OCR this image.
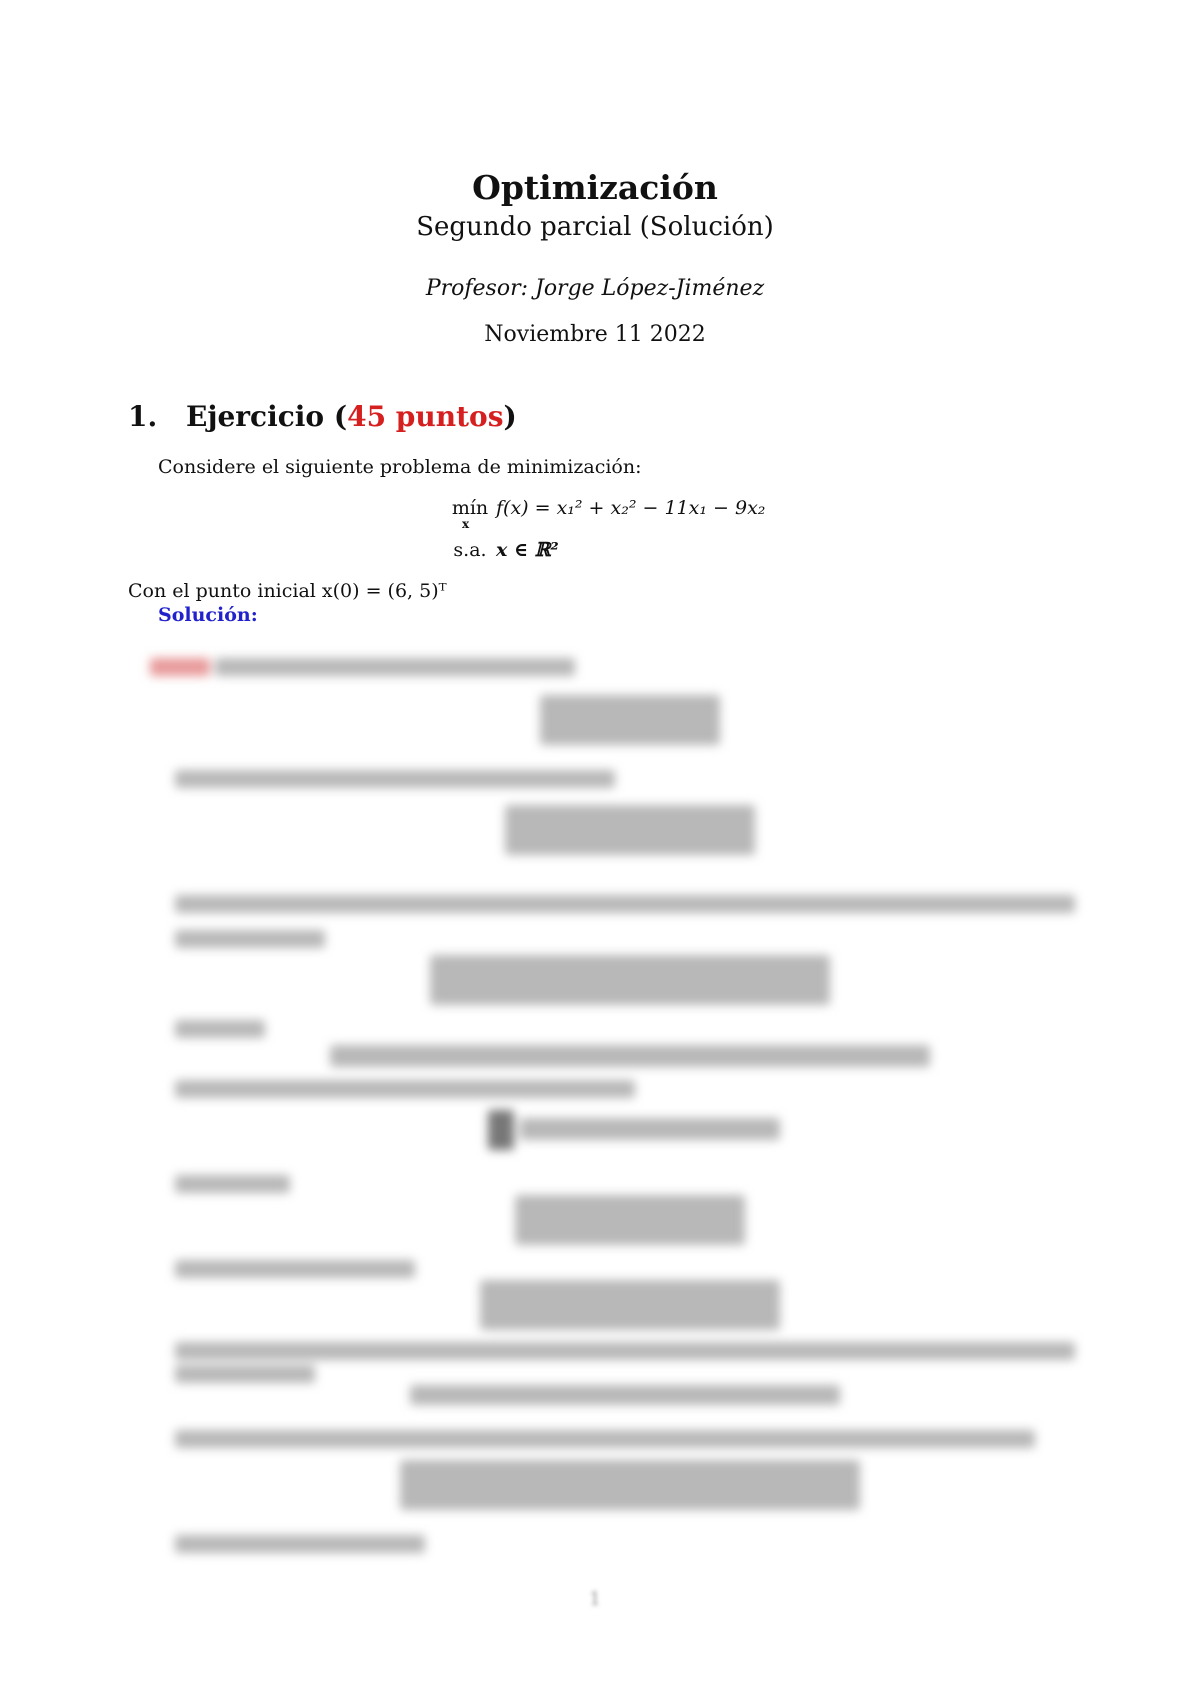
Optimización
Segundo parcial (Solución)
Profesor: Jorge López-Jiménez
Noviembre 11 2022
1. Ejercicio (45 puntos)
Considere el siguiente problema de minimización:
mín
x
f(x) = x₁² + x₂² − 11x₁ − 9x₂
s.a. x ∈ ℝ²
Con el punto inicial x(0) = (6, 5)ᵀ
Solución:
1
